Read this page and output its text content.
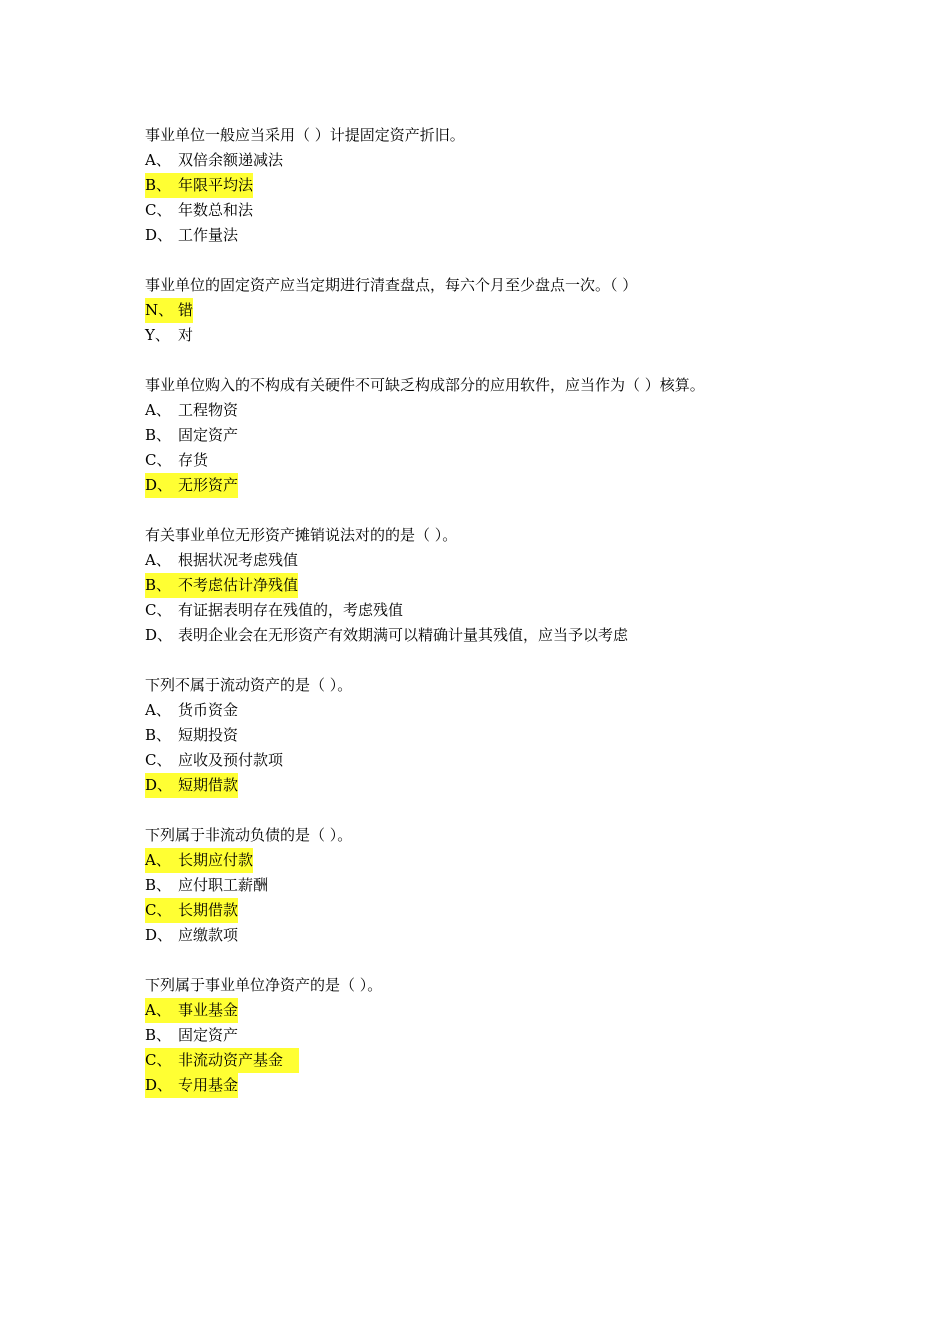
事业单位一般应当采用（ ）计提固定资产折旧。
A、 双倍余额递减法
B、 年限平均法
C、 年数总和法
D、 工作量法
事业单位的固定资产应当定期进行清查盘点，每六个月至少盘点一次。（ ）
N、 错
Y、 对
事业单位购入的不构成有关硬件不可缺乏构成部分的应用软件，应当作为（ ）核算。
A、 工程物资
B、 固定资产
C、 存货
D、 无形资产
有关事业单位无形资产摊销说法对的的是（ ）。
A、 根据状况考虑残值
B、 不考虑估计净残值
C、 有证据表明存在残值的，考虑残值
D、 表明企业会在无形资产有效期满可以精确计量其残值，应当予以考虑
下列不属于流动资产的是（ ）。
A、 货币资金
B、 短期投资
C、 应收及预付款项
D、 短期借款
下列属于非流动负债的是（ ）。
A、 长期应付款
B、 应付职工薪酬
C、 长期借款
D、 应缴款项
下列属于事业单位净资产的是（ ）。
A、 事业基金
B、 固定资产
C、 非流动资产基金
D、 专用基金
